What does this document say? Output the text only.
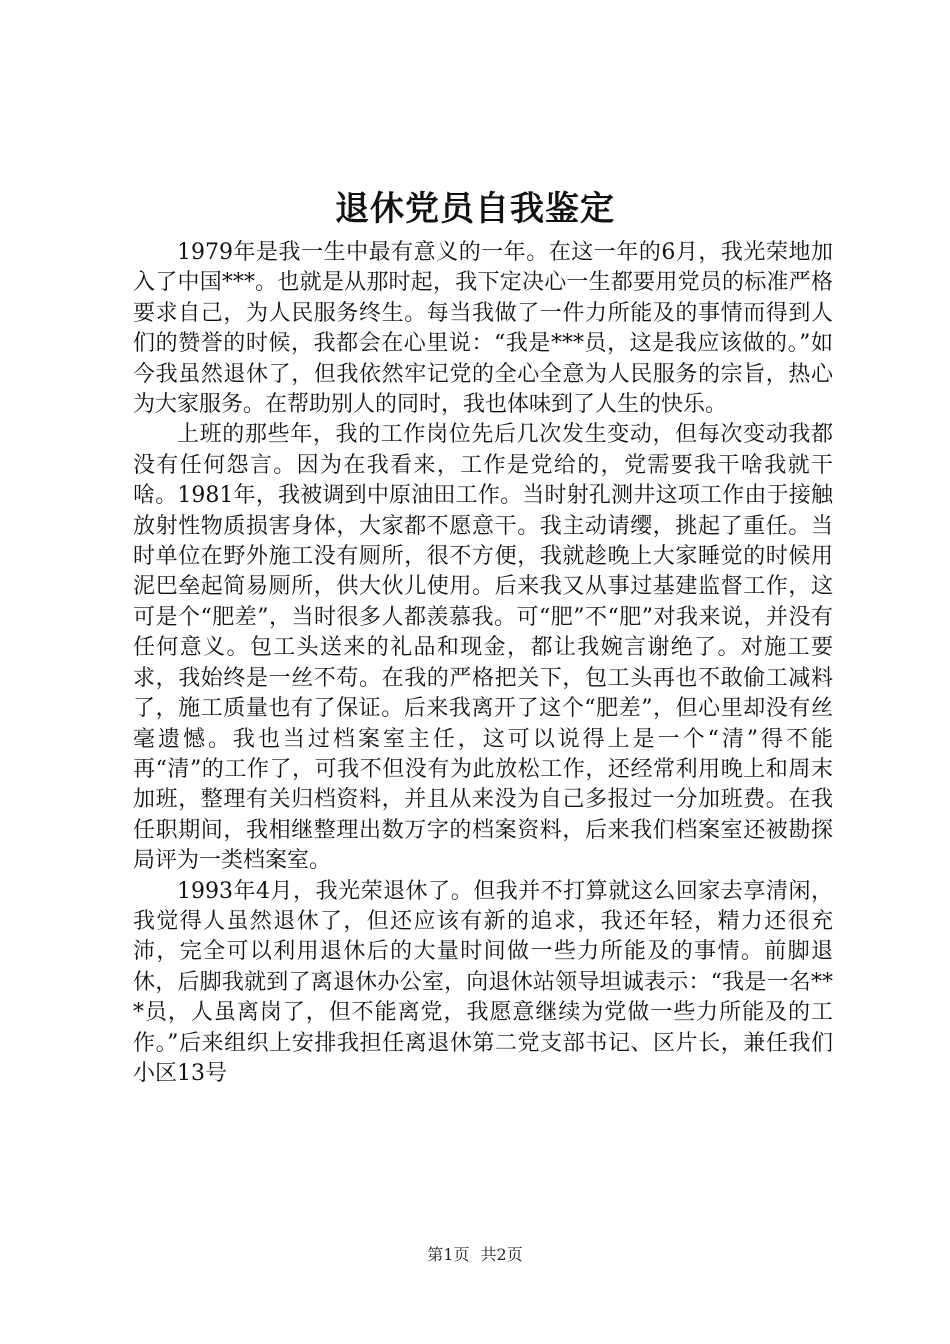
退休党员自我鉴定

1979年是我一生中最有意义的一年。在这一年的6月，我光荣地加入了中国***。也就是从那时起，我下定决心一生都要用党员的标准严格要求自己，为人民服务终生。每当我做了一件力所能及的事情而得到人们的赞誉的时候，我都会在心里说：“我是***员，这是我应该做的。”如今我虽然退休了，但我依然牢记党的全心全意为人民服务的宗旨，热心为大家服务。在帮助别人的同时，我也体味到了人生的快乐。

上班的那些年，我的工作岗位先后几次发生变动，但每次变动我都没有任何怨言。因为在我看来，工作是党给的，党需要我干啥我就干啥。1981年，我被调到中原油田工作。当时射孔测井这项工作由于接触放射性物质损害身体，大家都不愿意干。我主动请缨，挑起了重任。当时单位在野外施工没有厕所，很不方便，我就趁晚上大家睡觉的时候用泥巴垒起简易厕所，供大伙儿使用。后来我又从事过基建监督工作，这可是个“肥差”，当时很多人都羡慕我。可“肥”不“肥”对我来说，并没有任何意义。包工头送来的礼品和现金，都让我婉言谢绝了。对施工要求，我始终是一丝不苟。在我的严格把关下，包工头再也不敢偷工减料了，施工质量也有了保证。后来我离开了这个“肥差”，但心里却没有丝毫遗憾。我也当过档案室主任，这可以说得上是一个“清”得不能再“清”的工作了，可我不但没有为此放松工作，还经常利用晚上和周末加班，整理有关归档资料，并且从来没为自己多报过一分加班费。在我任职期间，我相继整理出数万字的档案资料，后来我们档案室还被勘探局评为一类档案室。

1993年4月，我光荣退休了。但我并不打算就这么回家去享清闲，我觉得人虽然退休了，但还应该有新的追求，我还年轻，精力还很充沛，完全可以利用退休后的大量时间做一些力所能及的事情。前脚退休，后脚我就到了离退休办公室，向退休站领导坦诚表示：“我是一名***员，人虽离岗了，但不能离党，我愿意继续为党做一些力所能及的工作。”后来组织上安排我担任离退休第二党支部书记、区片长，兼任我们小区13号

第1页 共2页
